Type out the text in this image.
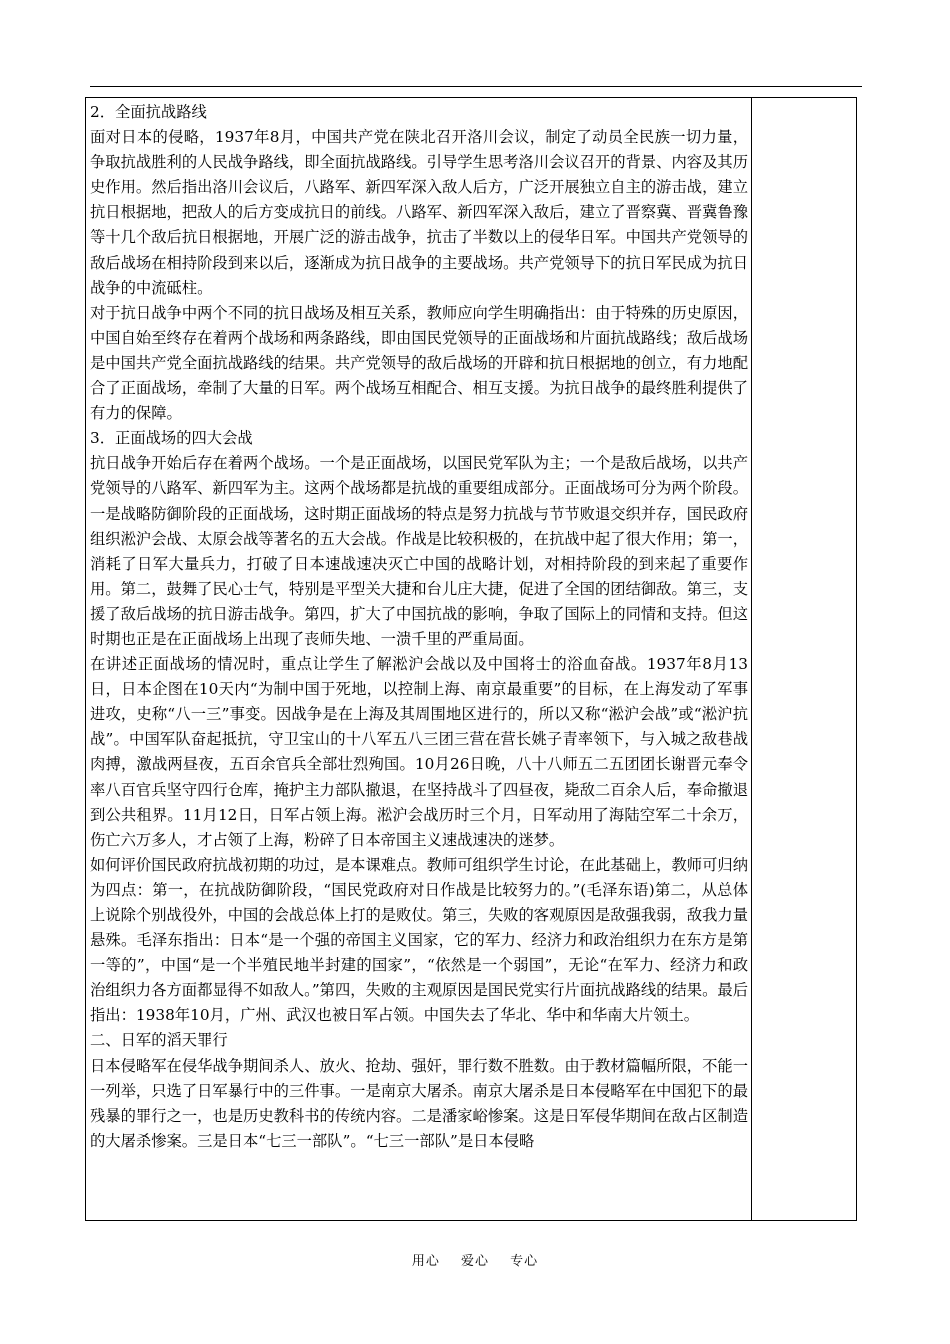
2．全面抗战路线

面对日本的侵略，1937年8月，中国共产党在陕北召开洛川会议，制定了动员全民族一切力量，争取抗战胜利的人民战争路线，即全面抗战路线。引导学生思考洛川会议召开的背景、内容及其历史作用。然后指出洛川会议后，八路军、新四军深入敌人后方，广泛开展独立自主的游击战，建立抗日根据地，把敌人的后方变成抗日的前线。八路军、新四军深入敌后，建立了晋察冀、晋冀鲁豫等十几个敌后抗日根据地，开展广泛的游击战争，抗击了半数以上的侵华日军。中国共产党领导的敌后战场在相持阶段到来以后，逐渐成为抗日战争的主要战场。共产党领导下的抗日军民成为抗日战争的中流砥柱。

对于抗日战争中两个不同的抗日战场及相互关系，教师应向学生明确指出：由于特殊的历史原因，中国自始至终存在着两个战场和两条路线，即由国民党领导的正面战场和片面抗战路线；敌后战场是中国共产党全面抗战路线的结果。共产党领导的敌后战场的开辟和抗日根据地的创立，有力地配合了正面战场，牵制了大量的日军。两个战场互相配合、相互支援。为抗日战争的最终胜利提供了有力的保障。

3．正面战场的四大会战

抗日战争开始后存在着两个战场。一个是正面战场，以国民党军队为主；一个是敌后战场，以共产党领导的八路军、新四军为主。这两个战场都是抗战的重要组成部分。正面战场可分为两个阶段。一是战略防御阶段的正面战场，这时期正面战场的特点是努力抗战与节节败退交织并存，国民政府组织淞沪会战、太原会战等著名的五大会战。作战是比较积极的，在抗战中起了很大作用；第一，消耗了日军大量兵力，打破了日本速战速决灭亡中国的战略计划，对相持阶段的到来起了重要作用。第二，鼓舞了民心士气，特别是平型关大捷和台儿庄大捷，促进了全国的团结御敌。第三，支援了敌后战场的抗日游击战争。第四，扩大了中国抗战的影响，争取了国际上的同情和支持。但这时期也正是在正面战场上出现了丧师失地、一溃千里的严重局面。

在讲述正面战场的情况时，重点让学生了解淞沪会战以及中国将士的浴血奋战。1937年8月13日，日本企图在10天内“为制中国于死地，以控制上海、南京最重要”的目标，在上海发动了军事进攻，史称“八一三”事变。因战争是在上海及其周围地区进行的，所以又称“淞沪会战”或“淞沪抗战”。中国军队奋起抵抗，守卫宝山的十八军五八三团三营在营长姚子青率领下，与入城之敌巷战肉搏，激战两昼夜，五百余官兵全部壮烈殉国。10月26日晚，八十八师五二五团团长谢晋元奉令率八百官兵坚守四行仓库，掩护主力部队撤退，在坚持战斗了四昼夜，毙敌二百余人后，奉命撤退到公共租界。11月12日，日军占领上海。淞沪会战历时三个月，日军动用了海陆空军二十余万，伤亡六万多人，才占领了上海，粉碎了日本帝国主义速战速决的迷梦。

如何评价国民政府抗战初期的功过，是本课难点。教师可组织学生讨论，在此基础上，教师可归纳为四点：第一，在抗战防御阶段，“国民党政府对日作战是比较努力的。”(毛泽东语)第二，从总体上说除个别战役外，中国的会战总体上打的是败仗。第三，失败的客观原因是敌强我弱，敌我力量悬殊。毛泽东指出：日本“是一个强的帝国主义国家，它的军力、经济力和政治组织力在东方是第一等的”，中国“是一个半殖民地半封建的国家”，“依然是一个弱国”，无论“在军力、经济力和政治组织力各方面都显得不如敌人。”第四，失败的主观原因是国民党实行片面抗战路线的结果。最后指出：1938年10月，广州、武汉也被日军占领。中国失去了华北、华中和华南大片领土。

二、日军的滔天罪行

日本侵略军在侵华战争期间杀人、放火、抢劫、强奸，罪行数不胜数。由于教材篇幅所限，不能一一列举，只选了日军暴行中的三件事。一是南京大屠杀。南京大屠杀是日本侵略军在中国犯下的最残暴的罪行之一，也是历史教科书的传统内容。二是潘家峪惨案。这是日军侵华期间在敌占区制造的大屠杀惨案。三是日本“七三一部队”。“七三一部队”是日本侵略

用心 爱心 专心
